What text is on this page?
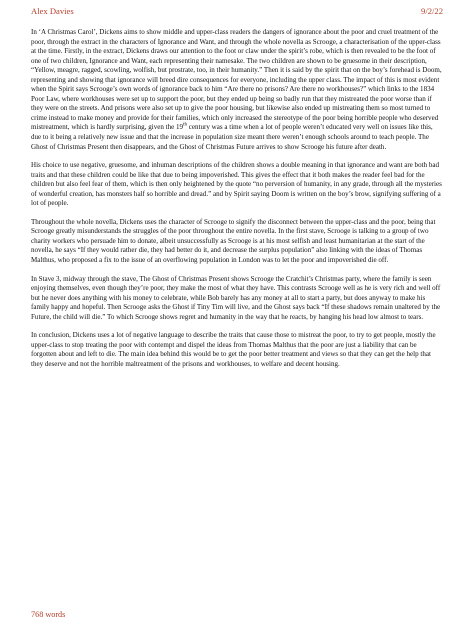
Alex Davies	9/2/22

In ‘A Christmas Carol’, Dickens aims to show middle and upper-class readers the dangers of ignorance about the poor and cruel treatment of the poor, through the extract in the characters of Ignorance and Want, and through the whole novella as Scrooge, a characterisation of the upper-class at the time. Firstly, in the extract, Dickens draws our attention to the foot or claw under the spirit’s robe, which is then revealed to be the foot of one of two children, Ignorance and Want, each representing their namesake. The two children are shown to be gruesome in their description, “Yellow, meagre, ragged, scowling, wolfish, but prostrate, too, in their humanity.” Then it is said by the spirit that on the boy’s forehead is Doom, representing and showing that ignorance will breed dire consequences for everyone, including the upper class. The impact of this is most evident when the Spirit says Scrooge’s own words of ignorance back to him “Are there no prisons? Are there no workhouses?” which links to the 1834 Poor Law, where workhouses were set up to support the poor, but they ended up being so badly run that they mistreated the poor worse than if they were on the streets. And prisons were also set up to give the poor housing, but likewise also ended up mistreating them so most turned to crime instead to make money and provide for their families, which only increased the stereotype of the poor being horrible people who deserved mistreatment, which is hardly surprising, given the 19th century was a time when a lot of people weren’t educated very well on issues like this, due to it being a relatively new issue and that the increase in population size meant there weren’t enough schools around to teach people. The Ghost of Christmas Present then disappears, and the Ghost of Christmas Future arrives to show Scrooge his future after death.

His choice to use negative, gruesome, and inhuman descriptions of the children shows a double meaning in that ignorance and want are both bad traits and that these children could be like that due to being impoverished. This gives the effect that it both makes the reader feel bad for the children but also feel fear of them, which is then only heightened by the quote “no perversion of humanity, in any grade, through all the mysteries of wonderful creation, has monsters half so horrible and dread.” and by Spirit saying Doom is written on the boy’s brow, signifying suffering of a lot of people.

Throughout the whole novella, Dickens uses the character of Scrooge to signify the disconnect between the upper-class and the poor, being that Scrooge greatly misunderstands the struggles of the poor throughout the entire novella. In the first stave, Scrooge is talking to a group of two charity workers who persuade him to donate, albeit unsuccessfully as Scrooge is at his most selfish and least humanitarian at the start of the novella, he says “If they would rather die, they had better do it, and decrease the surplus population” also linking with the ideas of Thomas Malthus, who proposed a fix to the issue of an overflowing population in London was to let the poor and impoverished die off.

In Stave 3, midway through the stave, The Ghost of Christmas Present shows Scrooge the Cratchit’s Christmas party, where the family is seen enjoying themselves, even though they’re poor, they make the most of what they have. This contrasts Scrooge well as he is very rich and well off but he never does anything with his money to celebrate, while Bob barely has any money at all to start a party, but does anyway to make his family happy and hopeful. Then Scrooge asks the Ghost if Tiny Tim will live, and the Ghost says back “If these shadows remain unaltered by the Future, the child will die.” To which Scrooge shows regret and humanity in the way that he reacts, by hanging his head low almost to tears.

In conclusion, Dickens uses a lot of negative language to describe the traits that cause those to mistreat the poor, to try to get people, mostly the upper-class to stop treating the poor with contempt and dispel the ideas from Thomas Malthus that the poor are just a liability that can be forgotten about and left to die. The main idea behind this would be to get the poor better treatment and views so that they can get the help that they deserve and not the horrible maltreatment of the prisons and workhouses, to welfare and decent housing.

768 words
